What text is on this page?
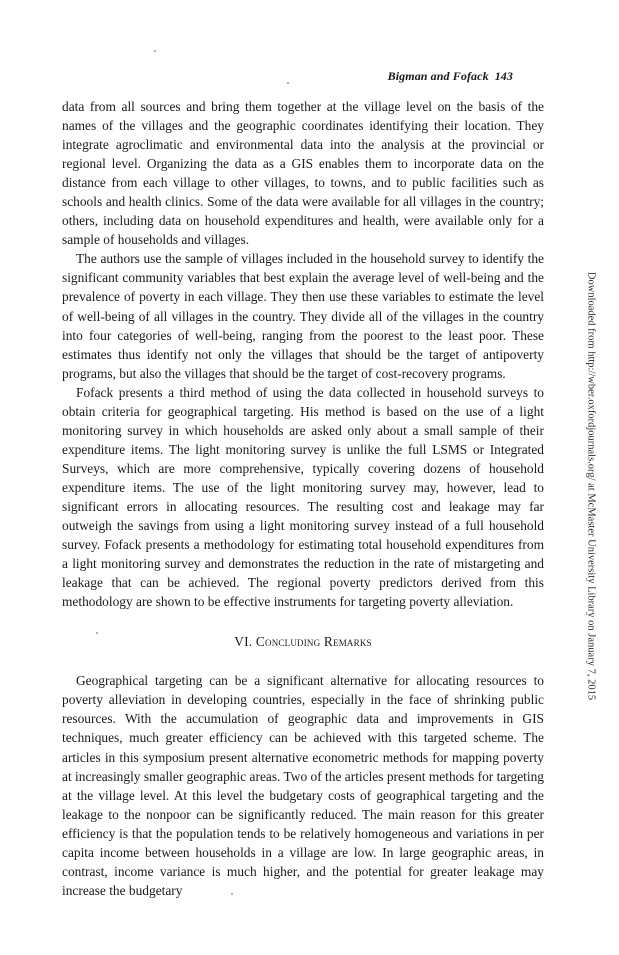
Bigman and Fofack 143

data from all sources and bring them together at the village level on the basis of the names of the villages and the geographic coordinates identifying their location. They integrate agroclimatic and environmental data into the analysis at the provincial or regional level. Organizing the data as a GIS enables them to incorporate data on the distance from each village to other villages, to towns, and to public facilities such as schools and health clinics. Some of the data were available for all villages in the country; others, including data on household expenditures and health, were available only for a sample of households and villages.

The authors use the sample of villages included in the household survey to identify the significant community variables that best explain the average level of well-being and the prevalence of poverty in each village. They then use these variables to estimate the level of well-being of all villages in the country. They divide all of the villages in the country into four categories of well-being, ranging from the poorest to the least poor. These estimates thus identify not only the villages that should be the target of antipoverty programs, but also the villages that should be the target of cost-recovery programs.

Fofack presents a third method of using the data collected in household surveys to obtain criteria for geographical targeting. His method is based on the use of a light monitoring survey in which households are asked only about a small sample of their expenditure items. The light monitoring survey is unlike the full LSMS or Integrated Surveys, which are more comprehensive, typically covering dozens of household expenditure items. The use of the light monitoring survey may, however, lead to significant errors in allocating resources. The resulting cost and leakage may far outweigh the savings from using a light monitoring survey instead of a full household survey. Fofack presents a methodology for estimating total household expenditures from a light monitoring survey and demonstrates the reduction in the rate of mistargeting and leakage that can be achieved. The regional poverty predictors derived from this methodology are shown to be effective instruments for targeting poverty alleviation.

VI. Concluding Remarks

Geographical targeting can be a significant alternative for allocating resources to poverty alleviation in developing countries, especially in the face of shrinking public resources. With the accumulation of geographic data and improvements in GIS techniques, much greater efficiency can be achieved with this targeted scheme. The articles in this symposium present alternative econometric methods for mapping poverty at increasingly smaller geographic areas. Two of the articles present methods for targeting at the village level. At this level the budgetary costs of geographical targeting and the leakage to the nonpoor can be significantly reduced. The main reason for this greater efficiency is that the population tends to be relatively homogeneous and variations in per capita income between households in a village are low. In large geographic areas, in contrast, income variance is much higher, and the potential for greater leakage may increase the budgetary

Downloaded from http://wber.oxfordjournals.org/ at McMaster University Library on January 7, 2015
